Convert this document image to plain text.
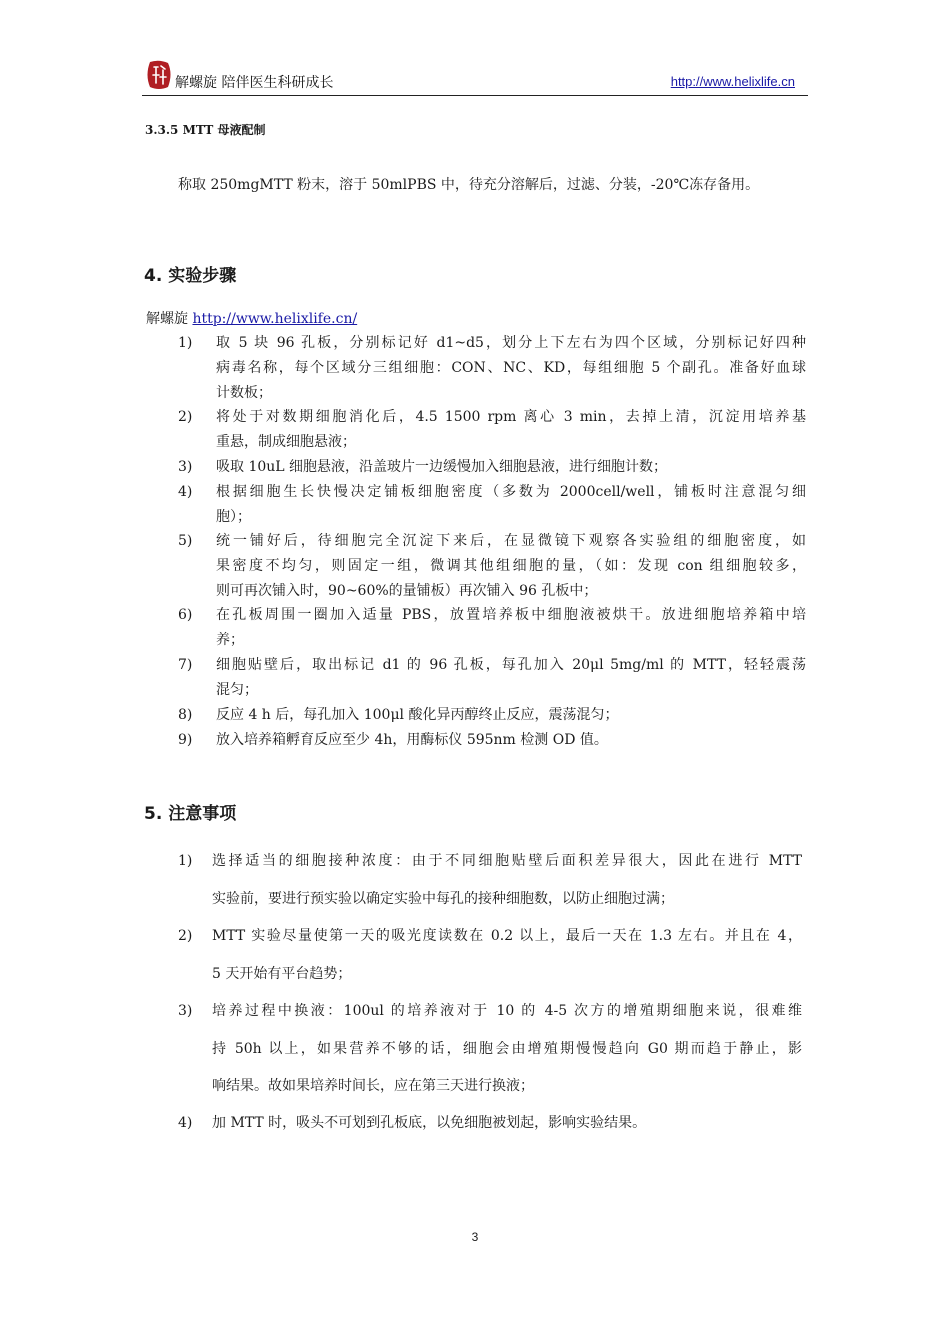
解螺旋 陪伴医生科研成长	http://www.helixlife.cn
3.3.5 MTT 母液配制
称取 250mgMTT 粉末，溶于 50mlPBS 中，待充分溶解后，过滤、分装，-20℃冻存备用。
4. 实验步骤
解螺旋 http://www.helixlife.cn/
1) 取 5 块 96 孔板，分别标记好 d1~d5，划分上下左右为四个区域，分别标记好四种
病毒名称，每个区域分三组细胞：CON、NC、KD，每组细胞 5 个副孔。准备好血球
计数板；
2) 将处于对数期细胞消化后，4.5 1500 rpm 离心 3 min，去掉上清，沉淀用培养基
重悬，制成细胞悬液；
3) 吸取 10uL 细胞悬液，沿盖玻片一边缓慢加入细胞悬液，进行细胞计数；
4) 根据细胞生长快慢决定铺板细胞密度（多数为 2000cell/well，铺板时注意混匀细
胞）；
5) 统一铺好后，待细胞完全沉淀下来后，在显微镜下观察各实验组的细胞密度，如
果密度不均匀，则固定一组，微调其他组细胞的量，（如：发现 con 组细胞较多，
则可再次铺入时，90~60%的量铺板）再次铺入 96 孔板中；
6) 在孔板周围一圈加入适量 PBS，放置培养板中细胞液被烘干。放进细胞培养箱中培
养；
7) 细胞贴壁后，取出标记 d1 的 96 孔板，每孔加入 20μl 5mg/ml 的 MTT，轻轻震荡
混匀；
8) 反应 4 h 后，每孔加入 100μl 酸化异丙醇终止反应，震荡混匀；
9) 放入培养箱孵育反应至少 4h，用酶标仪 595nm 检测 OD 值。
5. 注意事项
1) 选择适当的细胞接种浓度：由于不同细胞贴壁后面积差异很大，因此在进行 MTT
实验前，要进行预实验以确定实验中每孔的接种细胞数，以防止细胞过满；
2) MTT 实验尽量使第一天的吸光度读数在 0.2 以上，最后一天在 1.3 左右。并且在 4，
5 天开始有平台趋势；
3) 培养过程中换液：100ul 的培养液对于 10 的 4-5 次方的增殖期细胞来说，很难维
持 50h 以上，如果营养不够的话，细胞会由增殖期慢慢趋向 G0 期而趋于静止，影
响结果。故如果培养时间长，应在第三天进行换液；
4) 加 MTT 时，吸头不可划到孔板底，以免细胞被划起，影响实验结果。
3
